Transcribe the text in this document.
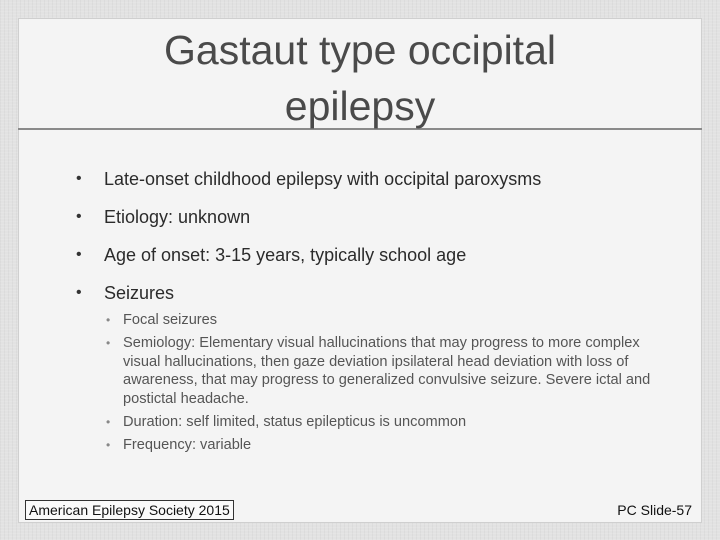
Gastaut type occipital
epilepsy
•	Late-onset childhood epilepsy with occipital paroxysms
•	Etiology: unknown
•	Age of onset: 3-15 years, typically school age
•	Seizures
• Focal seizures
• Semiology: Elementary visual hallucinations that may progress to more complex visual hallucinations, then gaze deviation ipsilateral head deviation with loss of awareness, that may progress to generalized convulsive seizure. Severe ictal and postictal headache.
• Duration: self limited, status epilepticus is uncommon
• Frequency: variable
American Epilepsy Society 2015	PC Slide-57
